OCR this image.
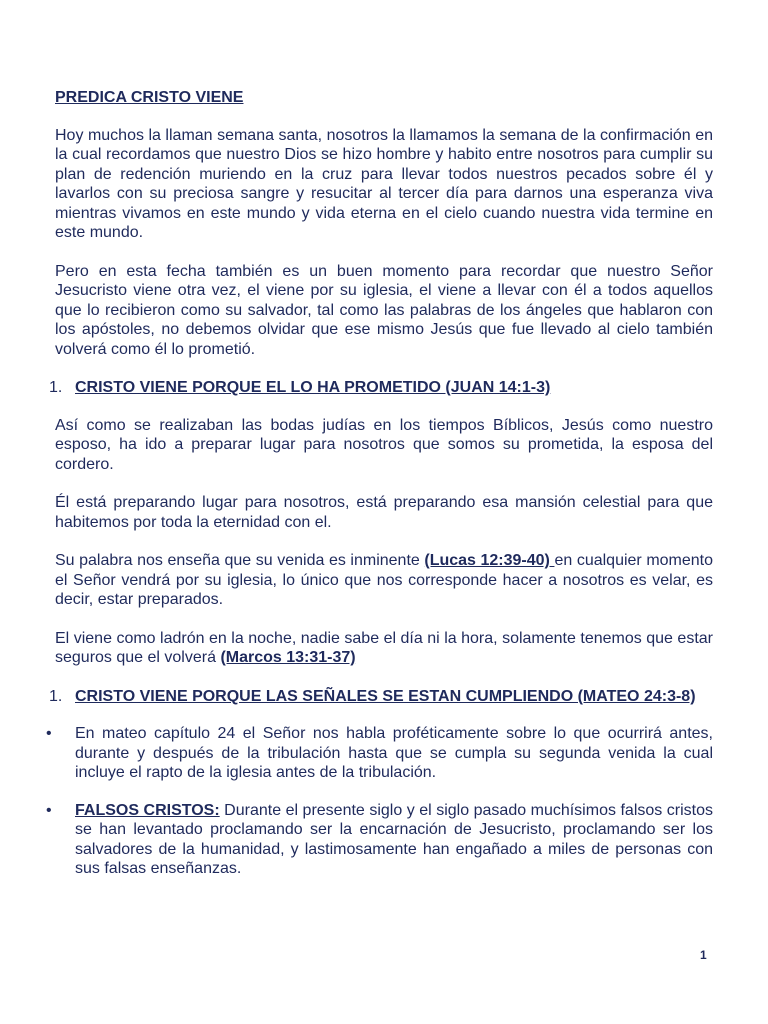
PREDICA CRISTO VIENE

Hoy muchos la llaman semana santa, nosotros la llamamos la semana de la confirmación en la cual recordamos que nuestro Dios se hizo hombre y habito entre nosotros para cumplir su plan de redención muriendo en la cruz para llevar todos nuestros pecados sobre él y lavarlos con su preciosa sangre y resucitar al tercer día para darnos una esperanza viva mientras vivamos en este mundo y vida eterna en el cielo cuando nuestra vida termine en este mundo.

Pero en esta fecha también es un buen momento para recordar que nuestro Señor Jesucristo viene otra vez, el viene por su iglesia, el viene a llevar con él a todos aquellos que lo recibieron como su salvador, tal como las palabras de los ángeles que hablaron con los apóstoles, no debemos olvidar que ese mismo Jesús que fue llevado al cielo también volverá como él lo prometió.

1. CRISTO VIENE PORQUE EL LO HA PROMETIDO (JUAN 14:1-3)

Así como se realizaban las bodas judías en los tiempos Bíblicos, Jesús como nuestro esposo, ha ido a preparar lugar para nosotros que somos su prometida, la esposa del cordero.

Él está preparando lugar para nosotros, está preparando esa mansión celestial para que habitemos por toda la eternidad con el.

Su palabra nos enseña que su venida es inminente (Lucas 12:39-40) en cualquier momento el Señor vendrá por su iglesia, lo único que nos corresponde hacer a nosotros es velar, es decir, estar preparados.

El viene como ladrón en la noche, nadie sabe el día ni la hora, solamente tenemos que estar seguros que el volverá (Marcos 13:31-37)

1. CRISTO VIENE PORQUE LAS SEÑALES SE ESTAN CUMPLIENDO (MATEO 24:3-8)
• En mateo capítulo 24 el Señor nos habla proféticamente sobre lo que ocurrirá antes, durante y después de la tribulación hasta que se cumpla su segunda venida la cual incluye el rapto de la iglesia antes de la tribulación.
• FALSOS CRISTOS: Durante el presente siglo y el siglo pasado muchísimos falsos cristos se han levantado proclamando ser la encarnación de Jesucristo, proclamando ser los salvadores de la humanidad, y lastimosamente han engañado a miles de personas con sus falsas enseñanzas.
1
